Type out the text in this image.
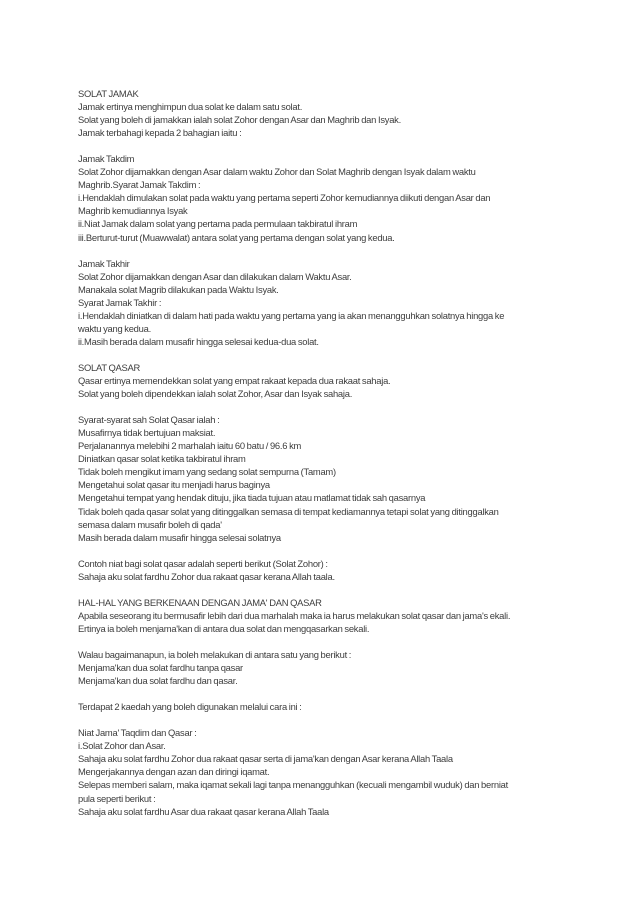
SOLAT JAMAK
Jamak ertinya menghimpun dua solat ke dalam satu solat.
Solat yang boleh di jamakkan ialah solat Zohor dengan Asar dan Maghrib dan Isyak.
Jamak terbahagi kepada 2 bahagian iaitu :
Jamak Takdim
Solat Zohor dijamakkan dengan Asar dalam waktu Zohor dan Solat Maghrib dengan Isyak dalam waktu
Maghrib.Syarat Jamak Takdim :
i.Hendaklah dimulakan solat pada waktu yang pertama seperti Zohor kemudiannya diikuti dengan Asar dan
Maghrib kemudiannya Isyak
ii.Niat Jamak dalam solat yang pertama pada permulaan takbiratul ihram
iii.Berturut-turut (Muawwalat) antara solat yang pertama dengan solat yang kedua.
Jamak Takhir
Solat Zohor dijamakkan dengan Asar dan dilakukan dalam Waktu Asar.
Manakala solat Magrib dilakukan pada Waktu Isyak.
Syarat Jamak Takhir :
i.Hendaklah diniatkan di dalam hati pada waktu yang pertama yang ia akan menangguhkan solatnya hingga ke
waktu yang kedua.
ii.Masih berada dalam musafir hingga selesai kedua-dua solat.
SOLAT QASAR
Qasar ertinya memendekkan solat yang empat rakaat kepada dua rakaat sahaja.
Solat yang boleh dipendekkan ialah solat Zohor, Asar dan Isyak sahaja.
Syarat-syarat sah Solat Qasar ialah :
Musafirnya tidak bertujuan maksiat.
Perjalanannya melebihi 2 marhalah iaitu 60 batu / 96.6 km
Diniatkan qasar solat ketika takbiratul ihram
Tidak boleh mengikut imam yang sedang solat sempurna (Tamam)
Mengetahui solat qasar itu menjadi harus baginya
Mengetahui tempat yang hendak dituju, jika tiada tujuan atau matlamat tidak sah qasarnya
Tidak boleh qada qasar solat yang ditinggalkan semasa di tempat kediamannya tetapi solat yang ditinggalkan
semasa dalam musafir boleh di qada'
Masih berada dalam musafir hingga selesai solatnya
Contoh niat bagi solat qasar adalah seperti berikut (Solat Zohor) :
Sahaja aku solat fardhu Zohor dua rakaat qasar kerana Allah taala.
HAL-HAL YANG BERKENAAN DENGAN JAMA' DAN QASAR
Apabila seseorang itu bermusafir lebih dari dua marhalah maka ia harus melakukan solat qasar dan jama's ekali.
Ertinya ia boleh menjama'kan di antara dua solat dan mengqasarkan sekali.
Walau bagaimanapun, ia boleh melakukan di antara satu yang berikut :
Menjama'kan dua solat fardhu tanpa qasar
Menjama'kan dua solat fardhu dan qasar.
Terdapat 2 kaedah yang boleh digunakan melalui cara ini :
Niat Jama' Taqdim dan Qasar :
i.Solat Zohor dan Asar.
Sahaja aku solat fardhu Zohor dua rakaat qasar serta di jama'kan dengan Asar kerana Allah Taala
Mengerjakannya dengan azan dan diringi iqamat.
Selepas memberi salam, maka iqamat sekali lagi tanpa menangguhkan (kecuali mengambil wuduk) dan berniat
pula seperti berikut :
Sahaja aku solat fardhu Asar dua rakaat qasar kerana Allah Taala
